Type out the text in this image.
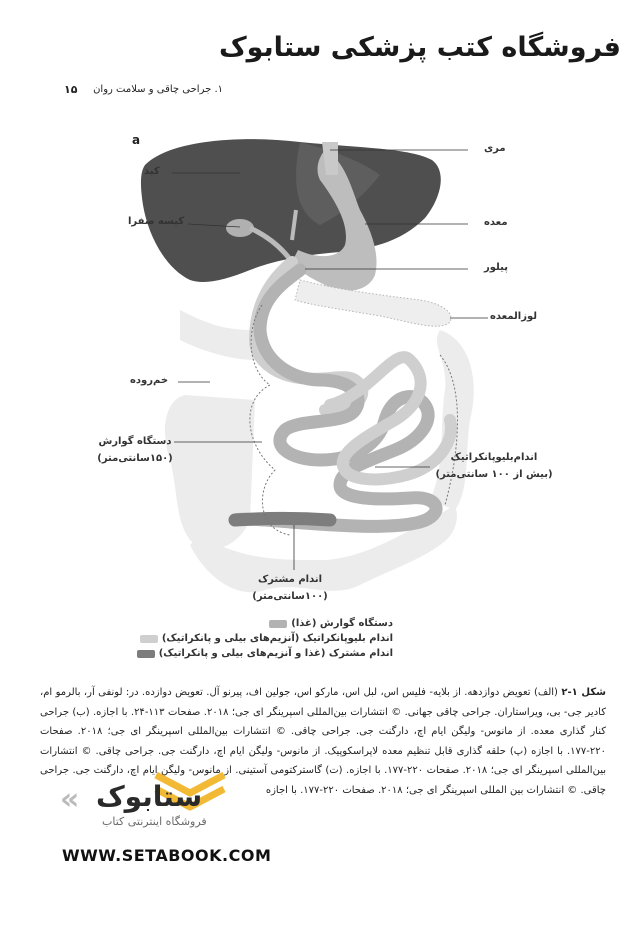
فروشگاه کتب پزشکی ستابوک
۱. جراحی چاقی و سلامت روان
۱۵
a
مری
کبد
کیسه صفرا	معده
پیلور
لوزالمعده
خم‌روده
دستگاه گوارش
(۱۵۰سانتی‌متر)	اندام‌بلیوپانکراتیک
(بیش از ۱۰۰ سانتی‌متر)
اندام مشترک
(۱۰۰سانتی‌متر)
دستگاه گوارش (غذا)
اندام بلیوپانکراتیک (آنزیم‌های بیلی و پانکراتیک)
اندام مشترک (غذا و آنزیم‌های بیلی و پانکراتیک)
شکل ۱-۲ (الف) تعویض دوازدهه. از بلایه- فلیس اس، لبل اس، مارکو اس، جولین اف، پیرنو آل. تعویض دوازده. در: لونفی آر، بالرمو ام، کادیر جی- بی، ویراستاران. جراحی چاقی جهانی. © انتشارات بین‌المللی اسپرینگر ای جی؛ ۲۰۱۸. صفحات ۱۱۳-۲۴. با اجازه. (ب) جراحی کنار گذاری معده. از مانوس- ولیگن ایام اچ، دارگنت جی. جراحی چاقی. © انتشارات بین‌المللی اسپرینگر ای جی؛ ۲۰۱۸. صفحات ۲۲۰-۱۷۷. با اجازه (پ) حلقه گذاری قابل تنظیم معده لاپراسکوپیک. از مانوس- ولیگن ایام اچ، دارگنت جی. جراحی چاقی. © انتشارات بین‌المللی اسپرینگر ای جی؛ ۲۰۱۸. صفحات ۲۲۰-۱۷۷. با اجازه. (ت) گاسترکتومی آستینی. از مانوس- ولیگن ایام اچ، دارگنت جی. جراحی چاقی. © انتشارات بین المللی اسپرینگر ای جی؛ ۲۰۱۸. صفحات ۲۲۰-۱۷۷. با اجازه
« ستابوک
فروشگاه اینترنتی کتاب
WWW.SETABOOK.COM
